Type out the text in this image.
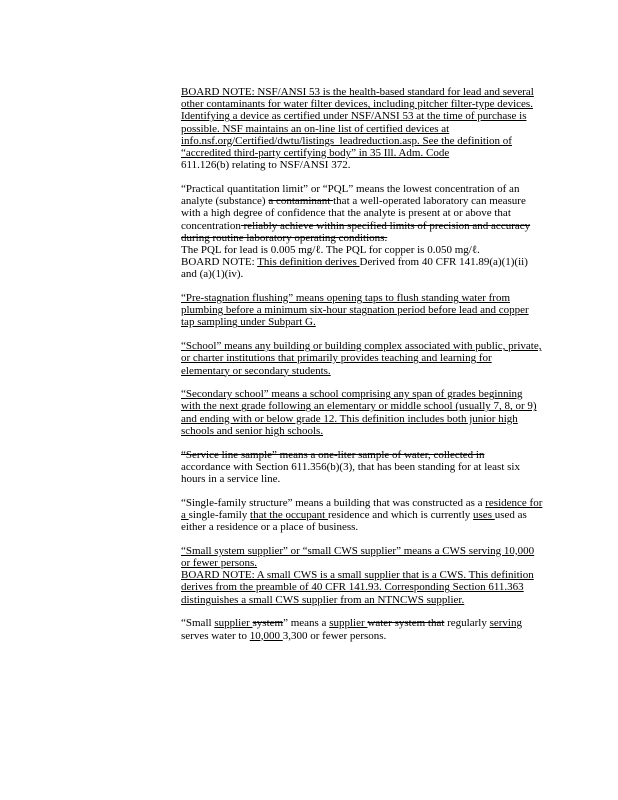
BOARD NOTE: NSF/ANSI 53 is the health-based standard for lead and several other contaminants for water filter devices, including pitcher filter-type devices. Identifying a device as certified under NSF/ANSI 53 at the time of purchase is possible. NSF maintains an on-line list of certified devices at info.nsf.org/Certified/dwtu/listings_leadreduction.asp. See the definition of “accredited third-party certifying body” in 35 Ill. Adm. Code
611.126(b) relating to NSF/ANSI 372.

“Practical quantitation limit” or “PQL” means the lowest concentration of an analyte (substance) a contaminant that a well-operated laboratory can measure with a high degree of confidence that the analyte is present at or above that concentration reliably achieve within specified limits of precision and accuracy during routine laboratory operating conditions.
The PQL for lead is 0.005 mg/ℓ. The PQL for copper is 0.050 mg/ℓ.
BOARD NOTE: This definition derives Derived from 40 CFR 141.89(a)(1)(ii) and (a)(1)(iv).

“Pre-stagnation flushing” means opening taps to flush standing water from plumbing before a minimum six-hour stagnation period before lead and copper tap sampling under Subpart G.

“School” means any building or building complex associated with public, private, or charter institutions that primarily provides teaching and learning for elementary or secondary students.

“Secondary school” means a school comprising any span of grades beginning with the next grade following an elementary or middle school (usually 7, 8, or 9) and ending with or below grade 12. This definition includes both junior high schools and senior high schools.

“Service line sample” means a one-liter sample of water, collected in
accordance with Section 611.356(b)(3), that has been standing for at least six hours in a service line.

“Single-family structure” means a building that was constructed as a residence for a single-family that the occupant residence and which is currently uses used as either a residence or a place of business.

“Small system supplier” or “small CWS supplier” means a CWS serving 10,000 or fewer persons.
BOARD NOTE: A small CWS is a small supplier that is a CWS. This definition derives from the preamble of 40 CFR 141.93. Corresponding Section 611.363 distinguishes a small CWS supplier from an NTNCWS supplier.

“Small supplier system” means a supplier water system that regularly serving serves water to 10,000 3,300 or fewer persons.
